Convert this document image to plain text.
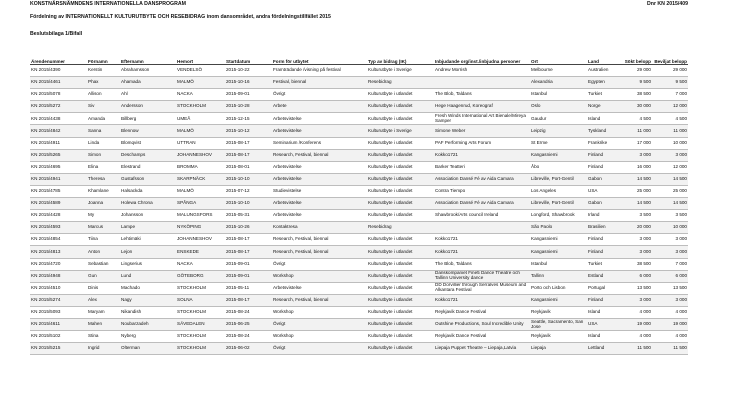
KONSTNÄRSNÄMNDENS INTERNATIONELLA DANSPROGRAM	Dnr KN 2015/409
Fördelning av INTERNATIONELLT KULTURUTBYTE OCH RESEBIDRAG inom dansområdet, andra fördelningstillfället 2015
Beslutsbilaga 1/Bifall
Ärendenummer	Förnamn	Efternamn	Hemort	Startdatum	Form för utbytet	Typ av bidrag (IK)	Inbjudande org/inst./inbjudna personer	Ort	Land	Sökt belopp	Beviljat belopp
KN 2015/4390	Kerstin	Abrahamsson	VENDELSÖ	2015-10-22	Framträdande /visning på festival	Kulturutbyte i Sverige	Andrew Morrish	Melbourne	Australien	29 000	29 000
KN 2015/4461	Phax	Ahamada	MALMÖ	2015-10-16	Festival, biennal	Resebidrag		Alexandria	Egypten	9 500	9 500
KN 2015/5078	Allison	Ahl	NACKA	2015-09-01	Övrigt	Kulturutbyte i utlandet	The Blob, Taldans	Istanbul	Turkiet	38 500	7 000
KN 2015/5272	Siv	Andersson	STOCKHOLM	2015-10-28	Arbete	Kulturutbyte i utlandet	Hege Haagenrud, Koreograf	Oslo	Norge	30 000	12 000
KN 2015/4438	Amanda	Billberg	UMEÅ	2015-12-15	Arbetsvistelse	Kulturutbyte i utlandet	Fresh Winds International Art Bienale/Mireya Samper	Gaudur	Island	4 500	4 500
KN 2015/4842	Sanna	Blennow	MALMÖ	2015-10-12	Arbetsvistelse	Kulturutbyte i Sverige	Simone Weber	Leipzig	Tyskland	11 000	11 000
KN 2015/4911	Linda	Blomqvist	UTTRAN	2015-08-17	Seminarium /Konferens	Kulturutbyte i utlandet	PAF Performing Arts Forum	St Erme	Frankrike	17 000	10 000
KN 2015/5265	Simon	Deschamps	JOHANNESHOV	2015-08-17	Research, Festival, biennal	Kulturutbyte i utlandet	Kokko1721	Kangasniemi	Finland	3 000	3 000
KN 2015/4695	Elina	Elestrand	BROMMA	2015-08-01	Arbetsvistelse	Kulturutbyte i utlandet	Barker Teatteri	Åbo	Finland	16 000	12 000
KN 2015/4941	Theresa	Gustafsson	SKARPNÄCK	2015-10-10	Arbetsvistelse	Kulturutbyte i utlandet	Association Dansé Fé av Aida Camara	Libreville, Port-Gentil	Gabon	14 500	14 500
KN 2015/4785	Khamlane	Halsackda	MALMÖ	2015-07-12	Studievistelse	Kulturutbyte i utlandet	Contra Tiempo	Los Angeles	USA	25 000	25 000
KN 2015/4589	Joanna	Holewa Chrona	SPÅNGA	2015-10-10	Arbetsvistelse	Kulturutbyte i utlandet	Association Dansé Fé av Aida Camara	Libreville, Port-Gentil	Gabon	14 500	14 500
KN 2015/4428	My	Johansson	MALUNGSFORS	2015-05-31	Arbetsvistelse	Kulturutbyte i utlandet	Shawbrook/Arts council Ireland	Longford, Shawbrook	Irland	3 500	3 500
KN 2015/4593	Marcus	Lampe	NYKÖPING	2015-10-26	Kontaktresa	Resebidrag		São Paolo	Brasilien	20 000	10 000
KN 2015/4854	Tiina	Lehtimäki	JOHANNESHOV	2015-08-17	Research, Festival, biennal	Kulturutbyte i utlandet	Kokko1721	Kangasniemi	Finland	3 000	3 000
KN 2015/4813	Anton	Lejon	ENSKEDE	2015-08-17	Research, Festival, biennal	Kulturutbyte i utlandet	Kokko1721	Kangasniemi	Finland	3 000	3 000
KN 2015/4720	Sebastian	Lingserius	NACKA	2015-09-01	Övrigt	Kulturutbyte i utlandet	The Blob, Taldans	Istanbul	Turkiet	38 500	7 000
KN 2015/4948	Gun	Lund	GÖTEBORG	2015-09-01	Workshop	Kulturutbyte i utlandet	Danskompaniet Fine5 Dance Theatre och Tallinn University dance	Tallinn	Estland	6 000	6 000
KN 2015/4510	Dinis	Machado	STOCKHOLM	2015-05-11	Arbetsvistelse	Kulturutbyte i utlandet	DD Dorvillier through Serralves Museum and Alkantara Festival	Porto och Lisbon	Portugal	13 500	13 500
KN 2015/5274	Alex	Nagy	SOLNA	2015-08-17	Research, Festival, biennal	Kulturutbyte i utlandet	Kokko1721	Kangasniemi	Finland	3 000	3 000
KN 2015/5093	Maryam	Nikandish	STOCKHOLM	2015-08-24	Workshop	Kulturutbyte i utlandet	Reykjavik Dance Festival	Reykjavik	Island	4 000	4 000
KN 2015/4611	Mahen	Noubarzadeh	SÄVEDALEN	2015-06-25	Övrigt	Kulturutbyte i utlandet	Outshine Productions, Soul Incredible Unity	Seattle, Sacramento, San Jose	USA	19 000	19 000
KN 2015/5102	Stina	Nyberg	STOCKHOLM	2015-08-24	Workshop	Kulturutbyte i utlandet	Reykjavik Dance Festival	Reykjavik	Island	4 000	4 000
KN 2015/5215	Ingrid	Olterman	STOCKHOLM	2015-06-02	Övrigt	Kulturutbyte i utlandet	Liepaja Puppet Theatre – Liepaja,Latvia	Liepaja	Lettland	11 500	11 500
